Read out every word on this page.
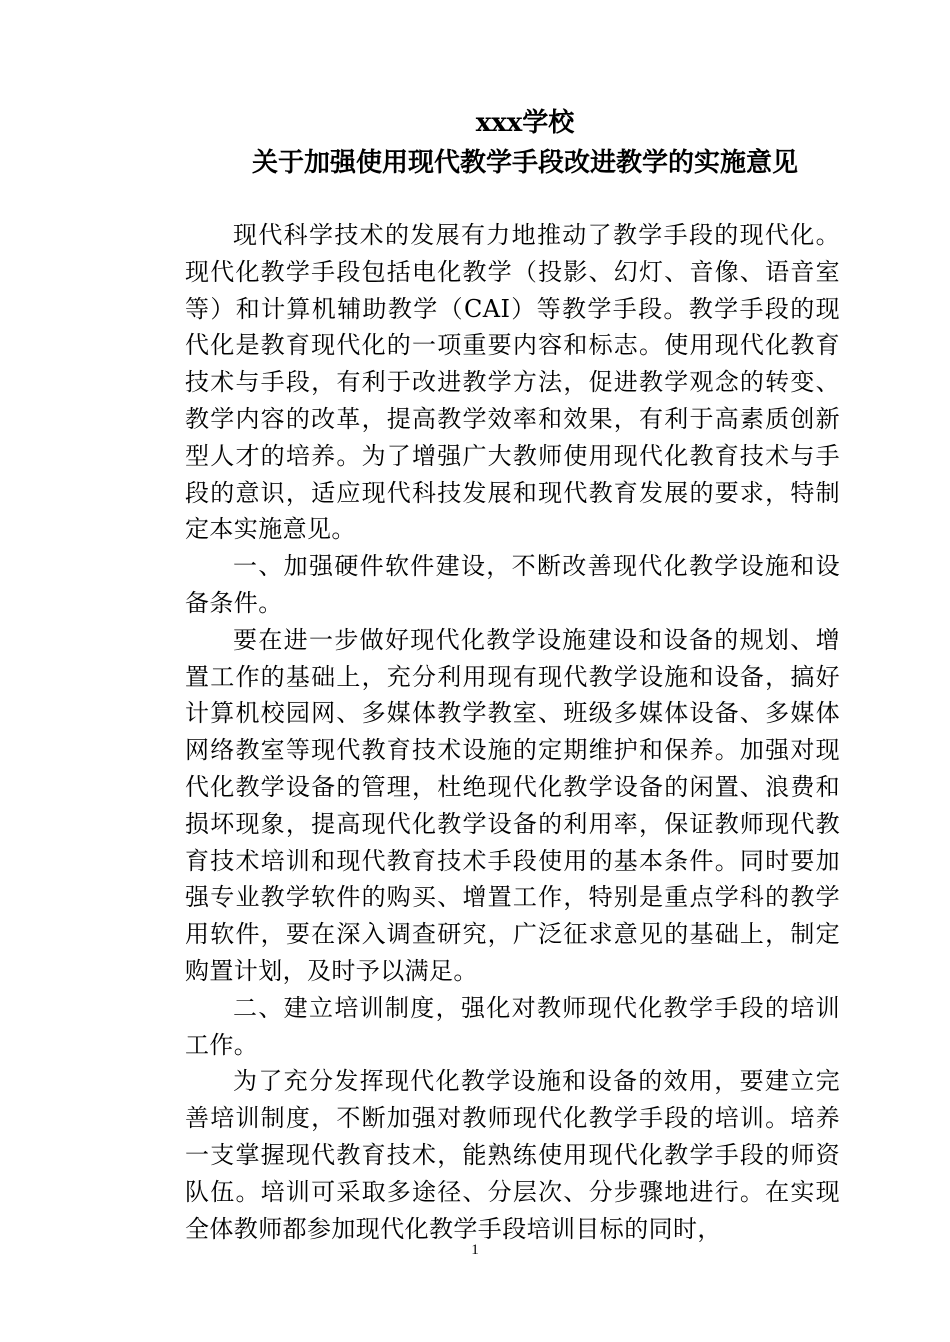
xxx学校
关于加强使用现代教学手段改进教学的实施意见

现代科学技术的发展有力地推动了教学手段的现代化。现代化教学手段包括电化教学（投影、幻灯、音像、语音室等）和计算机辅助教学（CAI）等教学手段。教学手段的现代化是教育现代化的一项重要内容和标志。使用现代化教育技术与手段，有利于改进教学方法，促进教学观念的转变、教学内容的改革，提高教学效率和效果，有利于高素质创新型人才的培养。为了增强广大教师使用现代化教育技术与手段的意识，适应现代科技发展和现代教育发展的要求，特制定本实施意见。

一、加强硬件软件建设，不断改善现代化教学设施和设备条件。

要在进一步做好现代化教学设施建设和设备的规划、增置工作的基础上，充分利用现有现代教学设施和设备，搞好计算机校园网、多媒体教学教室、班级多媒体设备、多媒体网络教室等现代教育技术设施的定期维护和保养。加强对现代化教学设备的管理，杜绝现代化教学设备的闲置、浪费和损坏现象，提高现代化教学设备的利用率，保证教师现代教育技术培训和现代教育技术手段使用的基本条件。同时要加强专业教学软件的购买、增置工作，特别是重点学科的教学用软件，要在深入调查研究，广泛征求意见的基础上，制定购置计划，及时予以满足。

二、建立培训制度，强化对教师现代化教学手段的培训工作。

为了充分发挥现代化教学设施和设备的效用，要建立完善培训制度，不断加强对教师现代化教学手段的培训。培养一支掌握现代教育技术，能熟练使用现代化教学手段的师资队伍。培训可采取多途径、分层次、分步骤地进行。在实现全体教师都参加现代化教学手段培训目标的同时，

1
